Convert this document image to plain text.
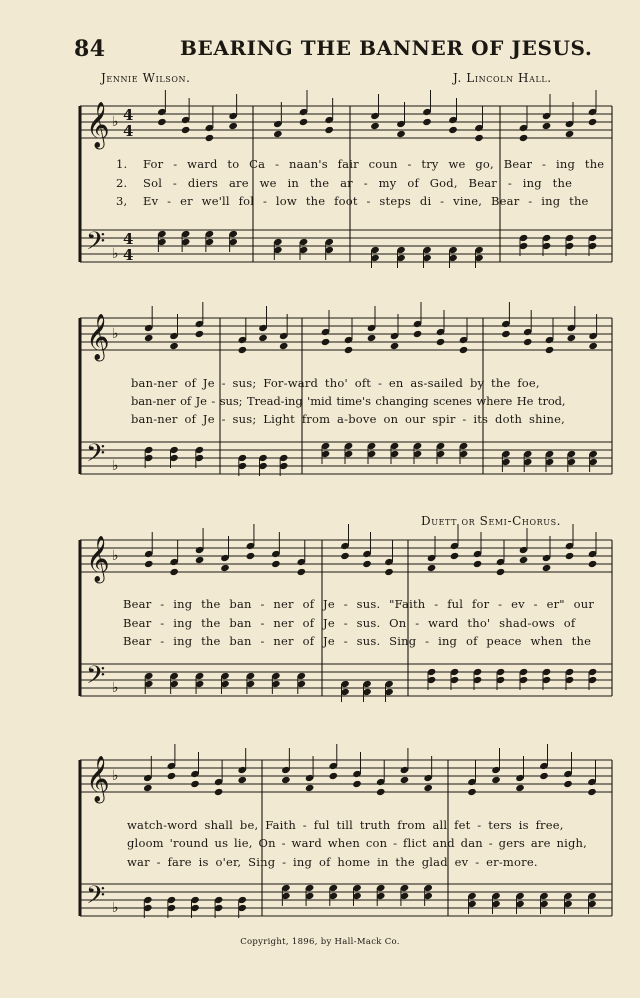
84	BEARING THE BANNER OF JESUS.
Jennie Wilson.	J. Lincoln Hall.
Duett or Semi-Chorus.
𝄞 ♭ 4
4
𝄢 ♭
4
4
𝄞 ♭
𝄢 ♭
𝄞 ♭
𝄢 ♭
𝄞 ♭
𝄢 ♭
1.
2.
3,
For - ward to Ca - naan's fair coun - try we go, Bear - ing the
Sol - diers are we in the ar - my of God, Bear - ing the
Ev - er we'll fol - low the foot - steps di - vine, Bear - ing the
ban-ner of Je - sus; For-ward tho' oft - en as-sailed by the foe,
ban-ner of Je - sus; Tread-ing 'mid time's changing scenes where He trod,
ban-ner of Je - sus; Light from a-bove on our spir - its doth shine,
Bear - ing the ban - ner of Je - sus. "Faith - ful for - ev - er" our
Bear - ing the ban - ner of Je - sus. On - ward tho' shad-ows of
Bear - ing the ban - ner of Je - sus. Sing - ing of peace when the
watch-word shall be, Faith - ful till truth from all fet - ters is free,
gloom 'round us lie, On - ward when con - flict and dan - gers are nigh,
war - fare is o'er, Sing - ing of home in the glad ev - er-more.
Copyright, 1896, by Hall-Mack Co.
